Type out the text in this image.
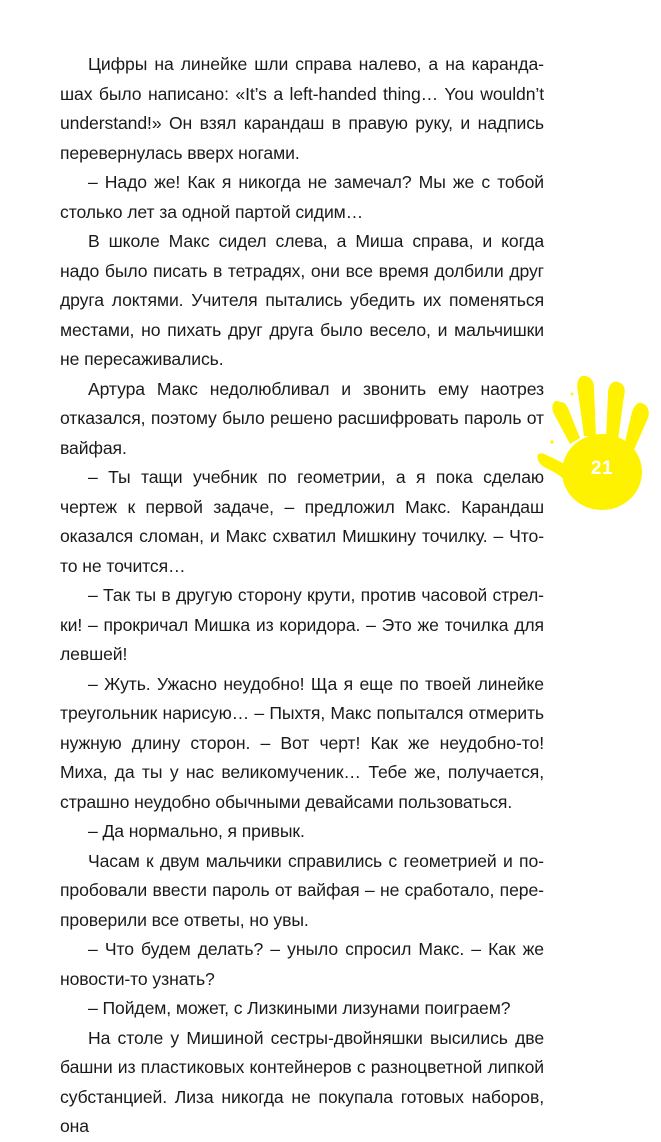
Цифры на линейке шли справа налево, а на карандашах было написано: «It’s a left-handed thing… You wouldn’t understand!» Он взял карандаш в правую руку, и надпись перевернулась вверх ногами.

– Надо же! Как я никогда не замечал? Мы же с тобой столько лет за одной партой сидим…

В школе Макс сидел слева, а Миша справа, и когда надо было писать в тетрадях, они все время долбили друг друга локтями. Учителя пытались убедить их поменяться местами, но пихать друг друга было весело, и мальчишки не пересаживались.

Артура Макс недолюбливал и звонить ему наотрез отказался, поэтому было решено расшифровать пароль от вайфая.

– Ты тащи учебник по геометрии, а я пока сделаю чертеж к первой задаче, – предложил Макс. Карандаш оказался сломан, и Макс схватил Мишкину точилку. – Что-то не точится…

– Так ты в другую сторону крути, против часовой стрелки! – прокричал Мишка из коридора. – Это же точилка для левшей!

– Жуть. Ужасно неудобно! Ща я еще по твоей линейке треугольник нарисую… – Пыхтя, Макс попытался отмерить нужную длину сторон. – Вот черт! Как же неудобно-то! Миха, да ты у нас великомученик… Тебе же, получается, страшно неудобно обычными девайсами пользоваться.

– Да нормально, я привык.

Часам к двум мальчики справились с геометрией и попробовали ввести пароль от вайфая – не сработало, перепроверили все ответы, но увы.

– Что будем делать? – уныло спросил Макс. – Как же новости-то узнать?

– Пойдем, может, с Лизкиными лизунами поиграем?

На столе у Мишиной сестры-двойняшки высились две башни из пластиковых контейнеров с разноцветной липкой субстанцией. Лиза никогда не покупала готовых наборов, она

21
